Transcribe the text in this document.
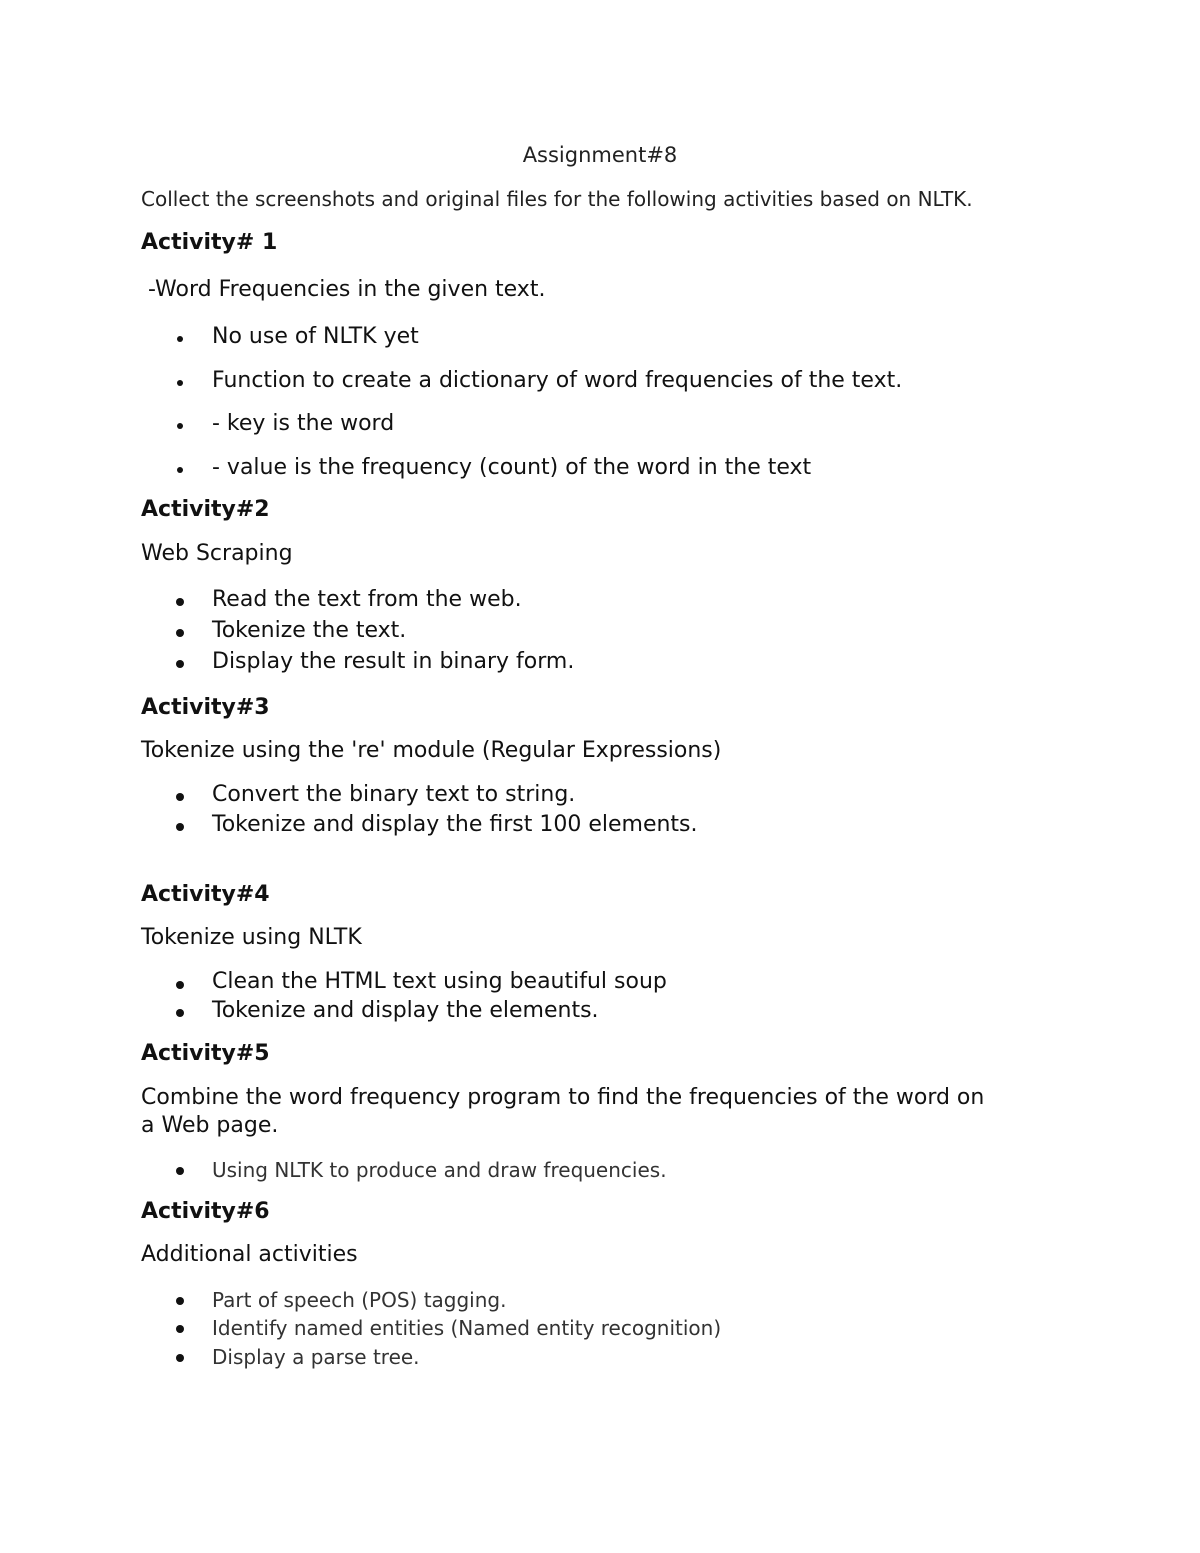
Assignment#8

Collect the screenshots and original files for the following activities based on NLTK.

Activity# 1

-Word Frequencies in the given text.

No use of NLTK yet

Function to create a dictionary of word frequencies of the text.

- key is the word

- value is the frequency (count) of the word in the text

Activity#2

Web Scraping

Read the text from the web.

Tokenize the text.

Display the result in binary form.

Activity#3

Tokenize using the 're' module (Regular Expressions)

Convert the binary text to string.

Tokenize and display the first 100 elements.

Activity#4

Tokenize using NLTK

Clean the HTML text using beautiful soup

Tokenize and display the elements.

Activity#5

Combine the word frequency program to find the frequencies of the word on

a Web page.

Using NLTK to produce and draw frequencies.

Activity#6

Additional activities

Part of speech (POS) tagging.

Identify named entities (Named entity recognition)

Display a parse tree.
